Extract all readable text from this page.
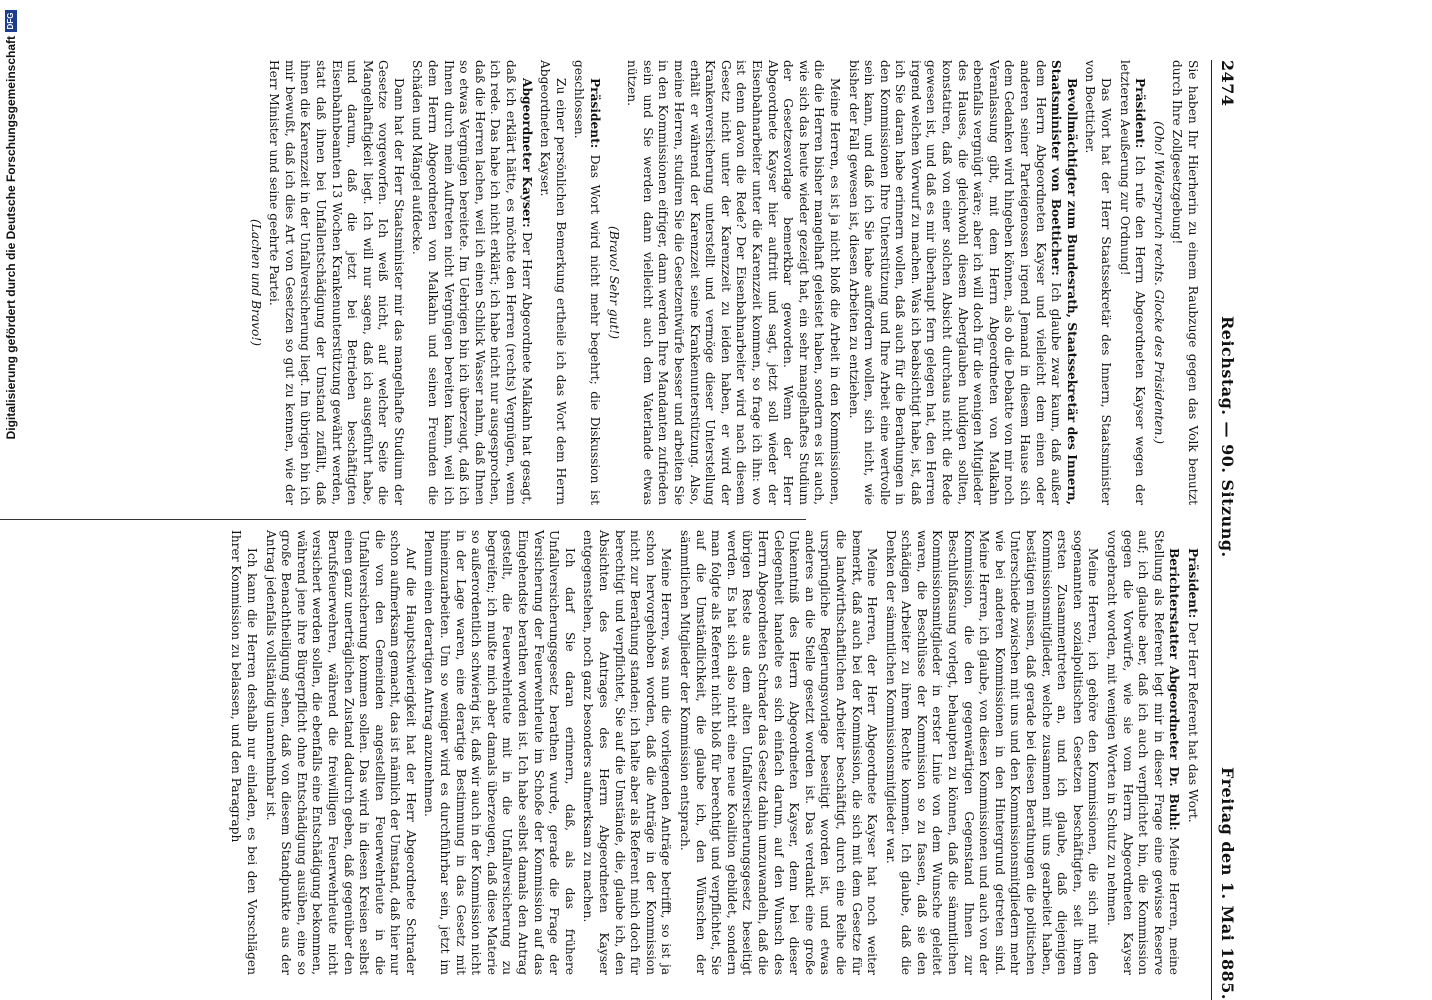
2474
Reichstag. — 90. Sitzung.
Freitag den 1. Mai 1885.

Sie haben Ihr Hierherin zu einem Raubzuge gegen das Volk benutzt durch Ihre Zollgesetzgebung!

(Oho! Widerspruch rechts. Glocke des Präsidenten.)

Präsident: Ich rufe den Herrn Abgeordneten Kayser wegen der letzteren Aeußerung zur Ordnung!

Das Wort hat der Herr Staatssekretär des Innern, Staatsminister von Boetticher.

Bevollmächtigter zum Bundesrath, Staatssekretär des Innern, Staatsminister von Boetticher: Ich glaube zwar kaum, daß außer dem Herrn Abgeordneten Kayser und vielleicht dem einen oder anderen seiner Parteigenossen irgend Jemand in diesem Hause sich dem Gedanken wird hingeben können, als ob die Debatte von mir noch Veranlassung gibt, mit dem Herrn Abgeordneten von Malkahn ebenfalls vergnügt wäre; aber ich will doch für die wenigen Mitglieder des Hauses, die gleichwohl diesem Aberglauben huldigen sollten, konstatiren, daß von einer solchen Absicht durchaus nicht die Rede gewesen ist, und daß es mir überhaupt fern gelegen hat, den Herren irgend welchen Vorwurf zu machen. Was ich beabsichtigt habe, ist, daß ich Sie daran habe erinnern wollen, daß auch für die Berathungen in den Kommissionen Ihre Unterstützung und Ihre Arbeit eine wertvolle sein kann, und daß ich Sie habe auffordern wollen, sich nicht, wie bisher der Fall gewesen ist, diesen Arbeiten zu entziehen.

Meine Herren, es ist ja nicht bloß die Arbeit in den Kommissionen, die die Herren bisher mangelhaft geleistet haben, sondern es ist auch, wie sich das heute wieder gezeigt hat, ein sehr mangelhaftes Studium der Gesetzesvorlage bemerkbar geworden. Wenn der Herr Abgeordnete Kayser hier auftritt und sagt, jetzt soll wieder der Eisenbahnarbeiter unter die Karenzzeit kommen, so frage ich ihn: wo ist denn davon die Rede? Der Eisenbahnarbeiter wird nach diesem Gesetz nicht unter der Karenzzeit zu leiden haben, er wird der Krankenversicherung unterstellt und vermöge dieser Unterstellung erhält er während der Karenzzeit seine Krankenunterstützung. Also, meine Herren, studiren Sie die Gesetzentwürfe besser und arbeiten Sie in den Kommissionen eifriger, dann werden Ihre Mandanten zufrieden sein und Sie werden dann vielleicht auch dem Vaterlande etwas nützen.

(Bravo! Sehr gut!)

Präsident: Das Wort wird nicht mehr begehrt; die Diskussion ist geschlossen.

Zu einer persönlichen Bemerkung ertheile ich das Wort dem Herrn Abgeordneten Kayser.

Abgeordneter Kayser: Der Herr Abgeordnete Malkahn hat gesagt, daß ich erklärt hätte, es möchte den Herren (rechts) Vergnügen, wenn ich rede. Das habe ich nicht erklärt; ich habe nicht nur ausgesprochen, daß die Herren lachen, weil ich einen Schlick Wasser nahm, daß Ihnen so etwas Vergnügen bereitete. Im Uebrigen bin ich überzeugt, daß ich Ihnen durch mein Auftreten nicht Vergnügen bereiten kann, weil ich dem Herrn Abgeordneten von Malkahn und seinen Freunden die Schäden und Mängel aufdecke.

Dann hat der Herr Staatsminister mir das mangelhafte Studium der Gesetze vorgeworfen. Ich weiß nicht, auf welcher Seite die Mangelhaftigkeit liegt. Ich will nur sagen, daß ich ausgeführt habe, und darum, daß die jetzt bei Betrieben beschäftigten Eisenbahnbeamten 13 Wochen Krankenunterstützung gewährt werden, statt daß ihnen bei Unfallentschädigung der Umstand zufällt, daß ihnen die Karenzzeit in der Unfallversicherung liegt. Im übrigen bin ich mir bewußt, daß ich dies Art von Gesetzen so gut zu kennen, wie der Herr Minister und seine geehrte Partei.

(Lachen und Bravo!)

Präsident: Der Herr Referent hat das Wort.

Berichterstatter Abgeordneter Dr. Buhl: Meine Herren, meine Stellung als Referent legt mir in dieser Frage eine gewisse Reserve auf; ich glaube aber, daß ich auch verpflichtet bin, die Kommission gegen die Vorwürfe, wie sie vom Herrn Abgeordneten Kayser vorgebracht worden, mit wenigen Worten in Schutz zu nehmen.

Meine Herren, ich gehöre den Kommissionen, die sich mit den sogenannten sozialpolitischen Gesetzen beschäftigten, seit ihrem ersten Zusammentreten an, und ich glaube, daß diejenigen Kommissionsmitglieder, welche zusammen mit uns gearbeitet haben, bestätigen müssen, daß gerade bei diesen Berathungen die politischen Unterschiede zwischen mit uns und den Kommissionsmitgliedern mehr wie bei anderen Kommissionen in den Hintergrund getreten sind. Meine Herren, ich glaube, von diesen Kommissionen und auch von der Kommission, die den gegenwärtigen Gegenstand Ihnen zur Beschlußfassung vorlegt, behaupten zu können, daß die sämmtlichen Kommissionsmitglieder in erster Linie von dem Wunsche geleitet waren, die Beschlüsse der Kommission so zu fassen, daß sie den schädigen Arbeiter zu ihrem Rechte kommen. Ich glaube, daß die Denken der sämmtlichen Kommissionsmitglieder war.

Meine Herren, der Herr Abgeordnete Kayser hat noch weiter bemerkt, daß auch bei der Kommission, die sich mit dem Gesetze für die landwirthschaftlichen Arbeiter beschäftigt, durch eine Reihe die ursprüngliche Regierungsvorlage beseitigt worden ist, und etwas anderes an die Stelle gesetzt worden ist. Das verdankt eine große Unkenntniß des Herrn Abgeordneten Kayser, denn bei dieser Gelegenheit handelte es sich einfach darum, auf den Wunsch des Herrn Abgeordneten Schrader das Gesetz dahin umzuwandeln, daß die übrigen Reste aus dem alten Unfallversicherungsgesetz beseitigt werden. Es hat sich also nicht eine neue Koalition gebildet, sondern man folgte als Referent nicht bloß für berechtigt und verpflichtet, Sie auf die Umständlichkeit, die glaube ich, den Wünschen der sämmtlichen Mitglieder der Kommission entsprach.

Meine Herren, was nun die vorliegenden Anträge betrifft, so ist ja schon hervorgehoben worden, daß die Anträge in der Kommission nicht zur Berathung standen; ich halte aber als Referent mich doch für berechtigt und verpflichtet, Sie auf die Umstände, die, glaube ich, den Absichten des Antrages des Herrn Abgeordneten Kayser entgegenstehen, noch ganz besonders aufmerksam zu machen.

Ich darf Sie daran erinnern, daß, als das frühere Unfallversicherungsgesetz berathen wurde, gerade die Frage der Versicherung der Feuerwehrleute im Schoße der Kommission auf das Eingehendste berathen worden ist. Ich habe selbst damals den Antrag gestellt, die Feuerwehrleute mit in die Unfallversicherung zu begreifen; ich mußte mich aber damals überzeugen, daß diese Materie so außerordentlich schwierig ist, daß wir auch in der Kommission nicht in der Lage waren, eine derartige Bestimmung in das Gesetz mit hineinzuarbeiten. Um so weniger wird es durchführbar sein, jetzt im Plenum einen derartigen Antrag anzunehmen.

Auf die Hauptschwierigkeit hat der Herr Abgeordnete Schrader schon aufmerksam gemacht, das ist nämlich der Umstand, daß hier nur die von den Gemeinden angestellten Feuerwehrleute in die Unfallversicherung kommen sollen. Das wird in diesen Kreisen selbst einen ganz unerträglichen Zustand dadurch geben, daß gegenüber den Berufsfeuerwehren, während die freiwilligen Feuerwehrleute nicht versichert werden sollen, die ebenfalls eine Entschädigung bekommen, während jene ihre Bürgerpflicht ohne Entschädigung ausüben, eine so große Benachtheiligung sehen, daß von diesem Standpunkte aus der Antrag jedenfalls vollständig unannehmbar ist.

Ich kann die Herren deshalb nur einladen, es bei den Vorschlägen Ihrer Kommission zu belassen, und den Paragraph

Digitalisierung gefördert durch die Deutsche Forschungsgemeinschaft
DFG
